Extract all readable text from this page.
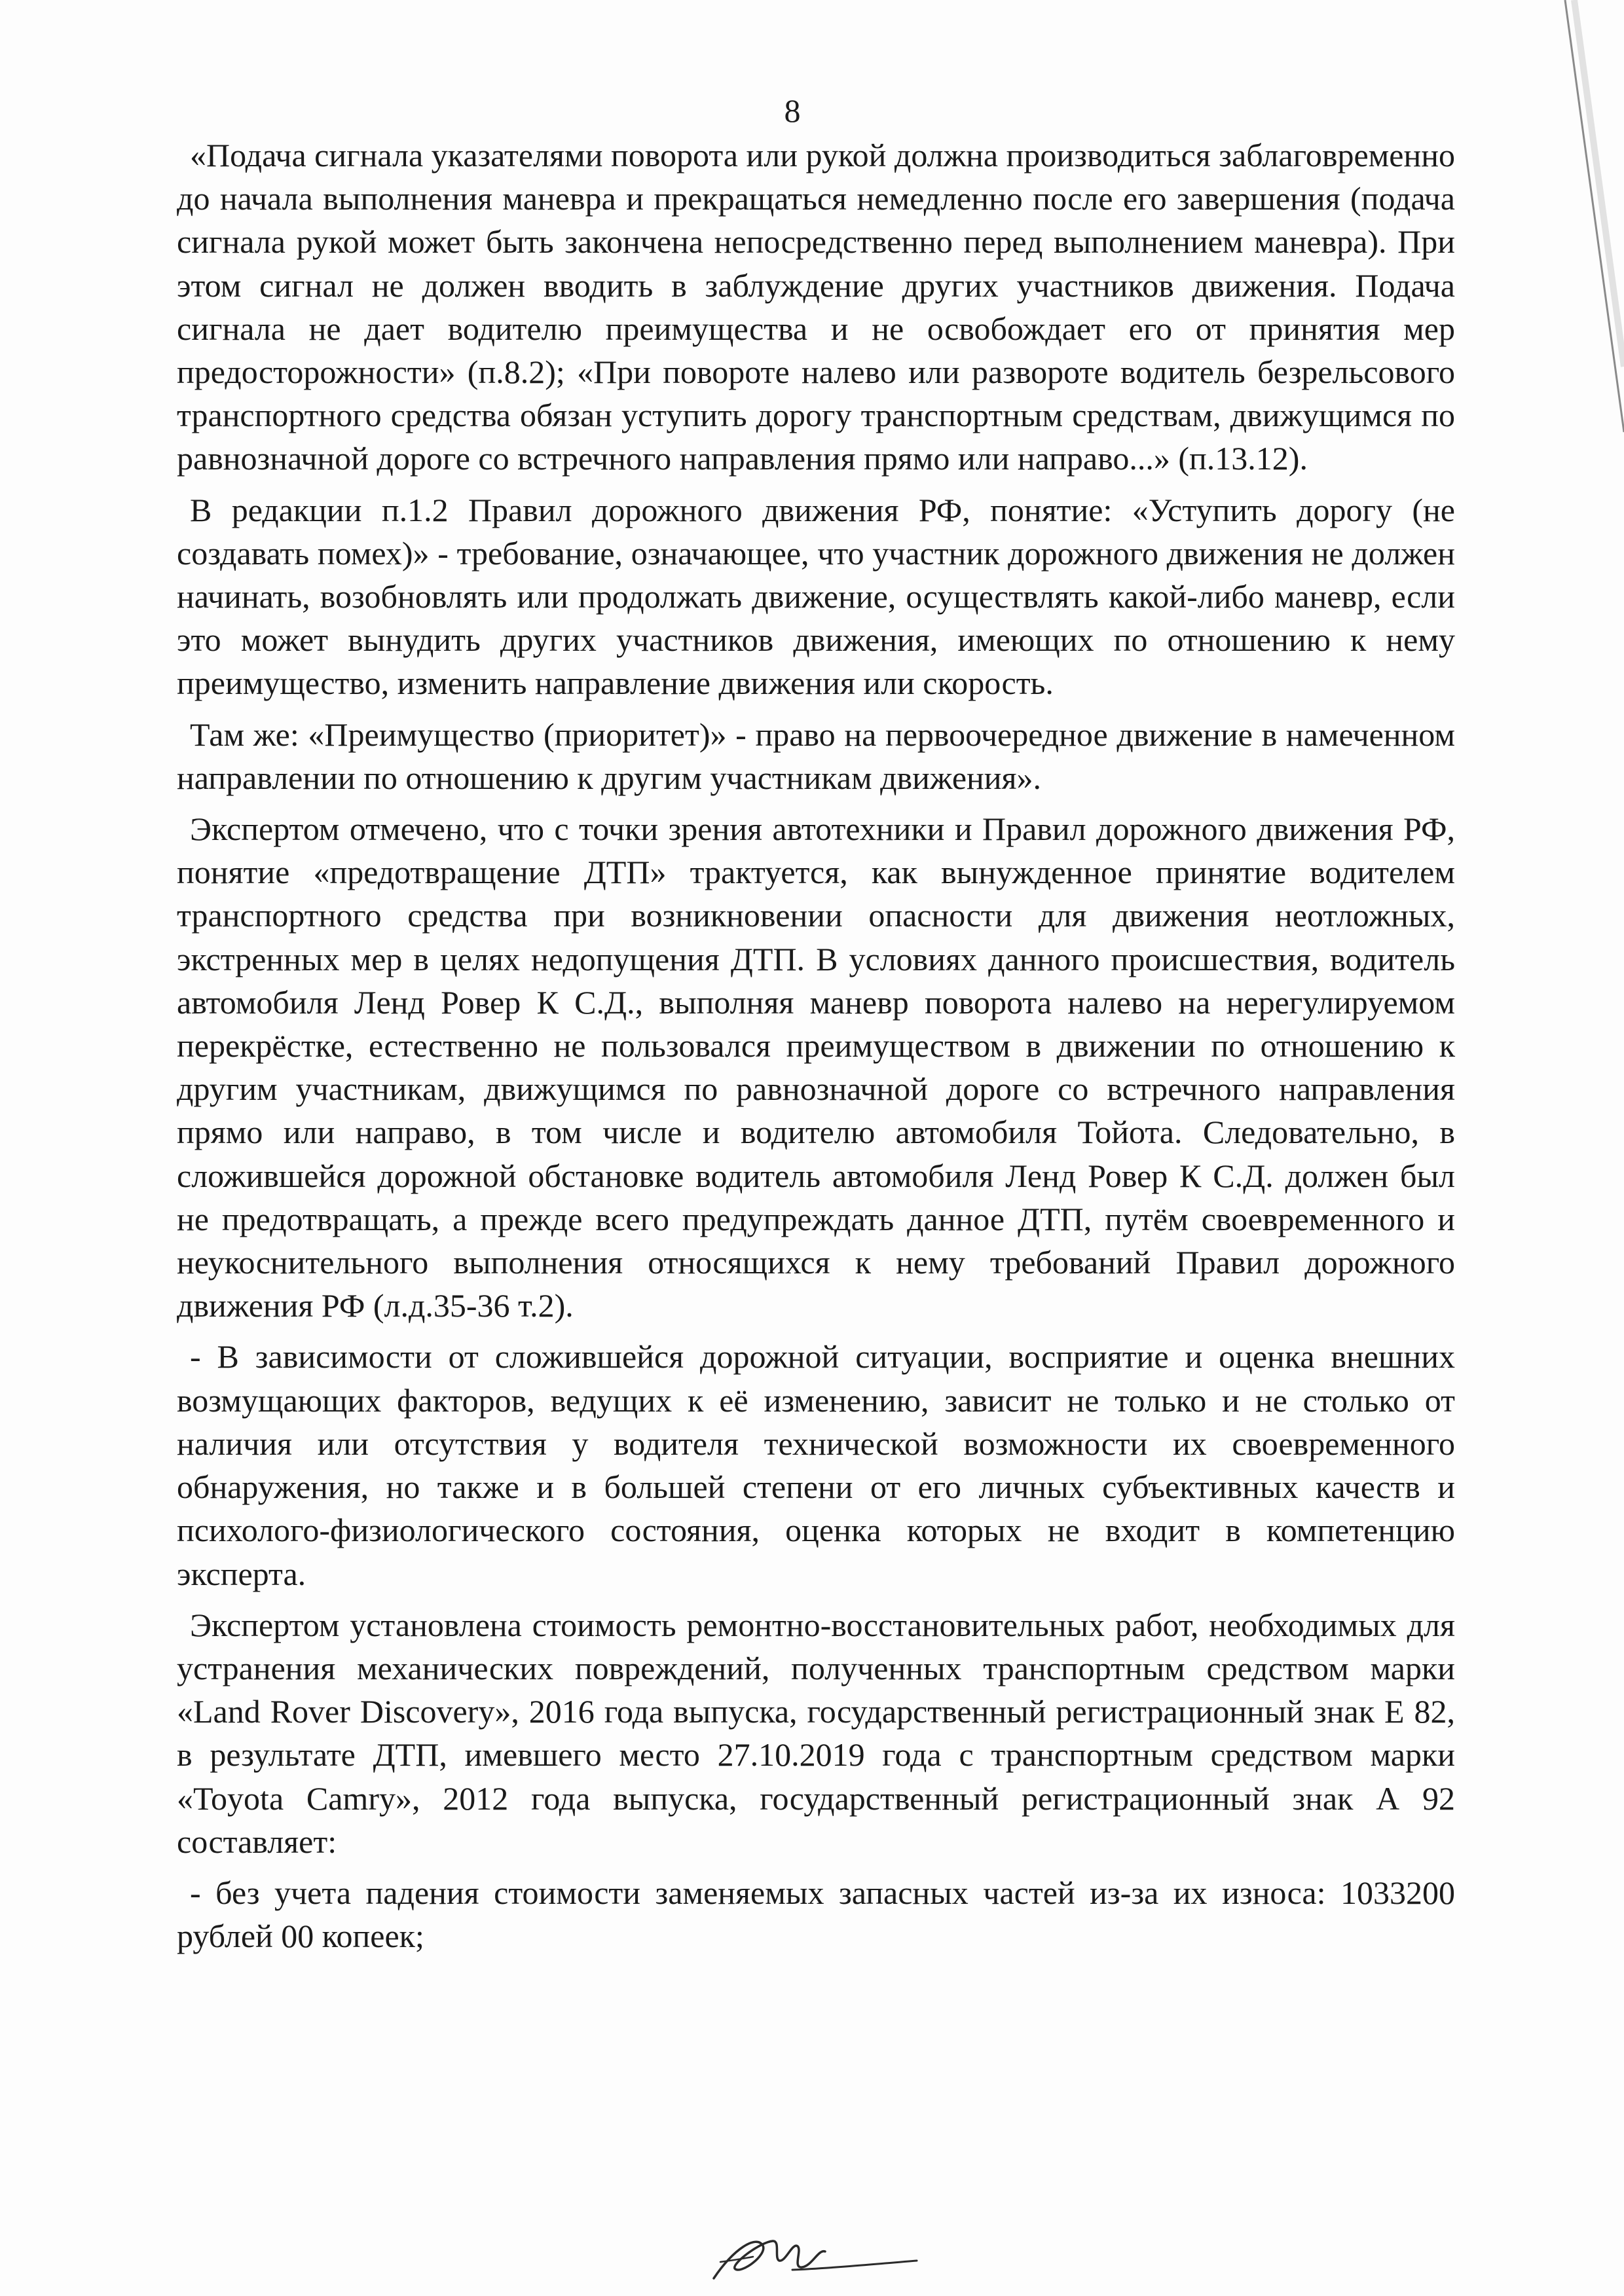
8

«Подача сигнала указателями поворота или рукой должна производиться заблаговременно до начала выполнения маневра и прекращаться немедленно после его завершения (подача сигнала рукой может быть закончена непосредственно перед выполнением маневра). При этом сигнал не должен вводить в заблуждение других участников движения. Подача сигнала не дает водителю преимущества и не освобождает его от принятия мер предосторожности» (п.8.2); «При повороте налево или развороте водитель безрельсового транспортного средства обязан уступить дорогу транспортным средствам, движущимся по равнозначной дороге со встречного направления прямо или направо...» (п.13.12).

В редакции п.1.2 Правил дорожного движения РФ, понятие: «Уступить дорогу (не создавать помех)» - требование, означающее, что участник дорожного движения не должен начинать, возобновлять или продолжать движение, осуществлять какой-либо маневр, если это может вынудить других участников движения, имеющих по отношению к нему преимущество, изменить направление движения или скорость.

Там же: «Преимущество (приоритет)» - право на первоочередное движение в намеченном направлении по отношению к другим участникам движения».

Экспертом отмечено, что с точки зрения автотехники и Правил дорожного движения РФ, понятие «предотвращение ДТП» трактуется, как вынужденное принятие водителем транспортного средства при возникновении опасности для движения неотложных, экстренных мер в целях недопущения ДТП. В условиях данного происшествия, водитель автомобиля Ленд Ровер К С.Д., выполняя маневр поворота налево на нерегулируемом перекрёстке, естественно не пользовался преимуществом в движении по отношению к другим участникам, движущимся по равнозначной дороге со встречного направления прямо или направо, в том числе и водителю автомобиля Тойота. Следовательно, в сложившейся дорожной обстановке водитель автомобиля Ленд Ровер К С.Д. должен был не предотвращать, а прежде всего предупреждать данное ДТП, путём своевременного и неукоснительного выполнения относящихся к нему требований Правил дорожного движения РФ (л.д.35-36 т.2).

- В зависимости от сложившейся дорожной ситуации, восприятие и оценка внешних возмущающих факторов, ведущих к её изменению, зависит не только и не столько от наличия или отсутствия у водителя технической возможности их своевременного обнаружения, но также и в большей степени от его личных субъективных качеств и психолого-физиологического состояния, оценка которых не входит в компетенцию эксперта.

Экспертом установлена стоимость ремонтно-восстановительных работ, необходимых для устранения механических повреждений, полученных транспортным средством марки «Land Rover Discovery», 2016 года выпуска, государственный регистрационный знак Е 82, в результате ДТП, имевшего место 27.10.2019 года с транспортным средством марки «Toyota Camry», 2012 года выпуска, государственный регистрационный знак А 92 составляет:

- без учета падения стоимости заменяемых запасных частей из-за их износа: 1033200 рублей 00 копеек;
